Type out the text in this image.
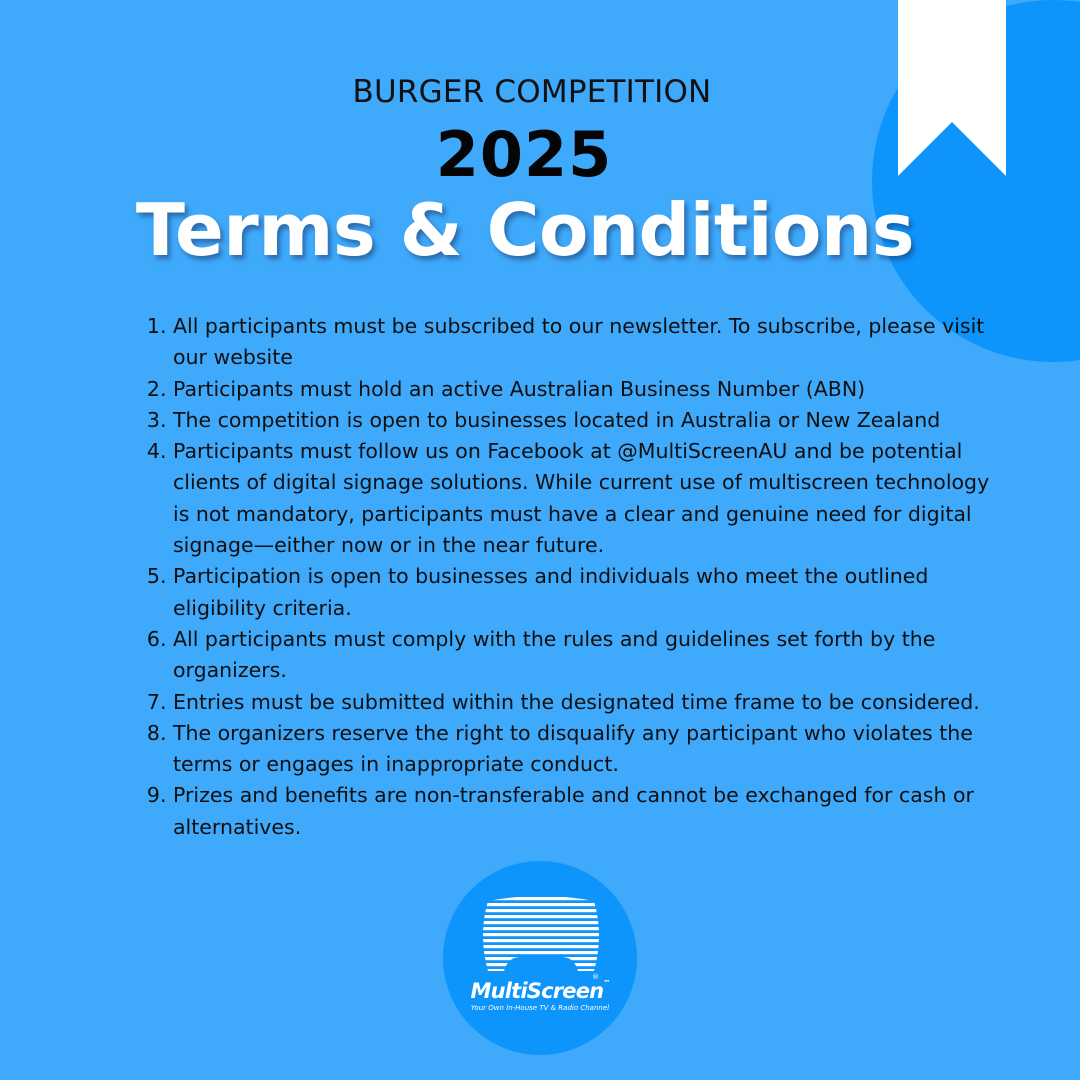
BURGER COMPETITION
2025
Terms & Conditions
1. All participants must be subscribed to our newsletter. To subscribe, please visit our website
2. Participants must hold an active Australian Business Number (ABN)
3. The competition is open to businesses located in Australia or New Zealand
4. Participants must follow us on Facebook at @MultiScreenAU and be potential clients of digital signage solutions. While current use of multiscreen technology is not mandatory, participants must have a clear and genuine need for digital signage—either now or in the near future.
5. Participation is open to businesses and individuals who meet the outlined eligibility criteria.
6. All participants must comply with the rules and guidelines set forth by the organizers.
7. Entries must be submitted within the designated time frame to be considered.
8. The organizers reserve the right to disqualify any participant who violates the terms or engages in inappropriate conduct.
9. Prizes and benefits are non-transferable and cannot be exchanged for cash or alternatives.
®
MultiScreen™
Your Own In-House TV & Radio Channel
